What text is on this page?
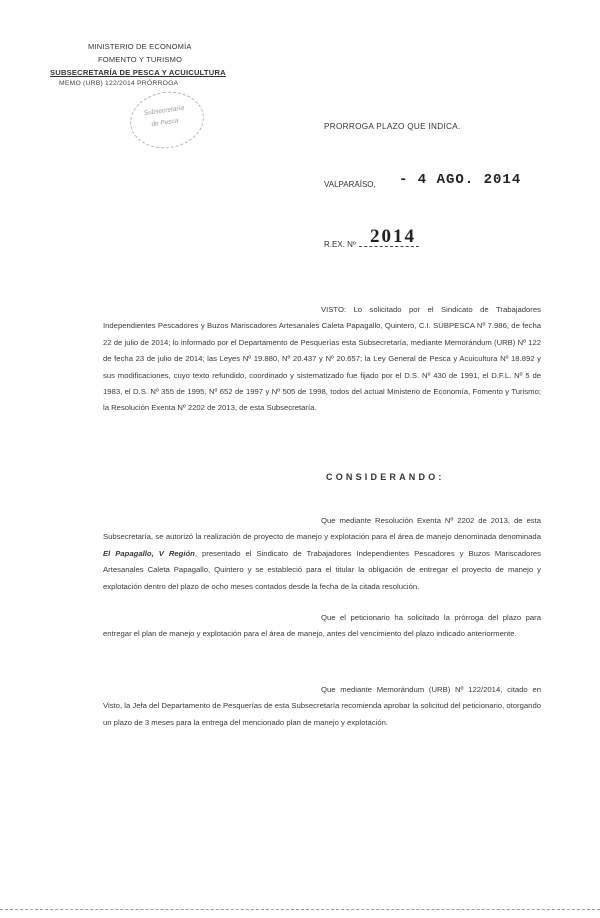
MINISTERIO DE ECONOMÍA
FOMENTO Y TURISMO
SUBSECRETARÍA DE PESCA Y ACUICULTURA
MEMO (URB) 122/2014 PRÓRROGA
Subsecretaría
de Pesca	PRORROGA PLAZO QUE INDICA.
VALPARAÍSO, - 4 AGO. 2014
R.EX. Nº 2014
VISTO: Lo solicitado por el Sindicato de Trabajadores Independientes Pescadores y Buzos Mariscadores Artesanales Caleta Papagallo, Quintero, C.I. SUBPESCA Nº 7.986, de fecha 22 de julio de 2014; lo informado por el Departamento de Pesquerías esta Subsecretaría, mediante Memorándum (URB) Nº 122 de fecha 23 de julio de 2014; las Leyes Nº 19.880, Nº 20.437 y Nº 20.657; la Ley General de Pesca y Acuicultura Nº 18.892 y sus modificaciones, cuyo texto refundido, coordinado y sistematizado fue fijado por el D.S. Nº 430 de 1991, el D.F.L. Nº 5 de 1983, el D.S. Nº 355 de 1995, Nº 652 de 1997 y Nº 505 de 1998, todos del actual Ministerio de Economía, Fomento y Turismo; la Resolución Exenta Nº 2202 de 2013, de esta Subsecretaría.
CONSIDERANDO:
Que mediante Resolución Exenta Nº 2202 de 2013, de esta Subsecretaría, se autorizó la realización de proyecto de manejo y explotación para el área de manejo denominada denominada El Papagallo, V Región, presentado el Sindicato de Trabajadores Independientes Pescadores y Buzos Mariscadores Artesanales Caleta Papagallo, Quintero y se estableció para el titular la obligación de entregar el proyecto de manejo y explotación dentro del plazo de ocho meses contados desde la fecha de la citada resolución.
Que el peticionario ha solicitado la prórroga del plazo para entregar el plan de manejo y explotación para el área de manejo, antes del vencimiento del plazo indicado anteriormente.
Que mediante Memorándum (URB) Nº 122/2014, citado en Visto, la Jefa del Departamento de Pesquerías de esta Subsecretaría recomienda aprobar la solicitud del peticionario, otorgando un plazo de 3 meses para la entrega del mencionado plan de manejo y explotación.
